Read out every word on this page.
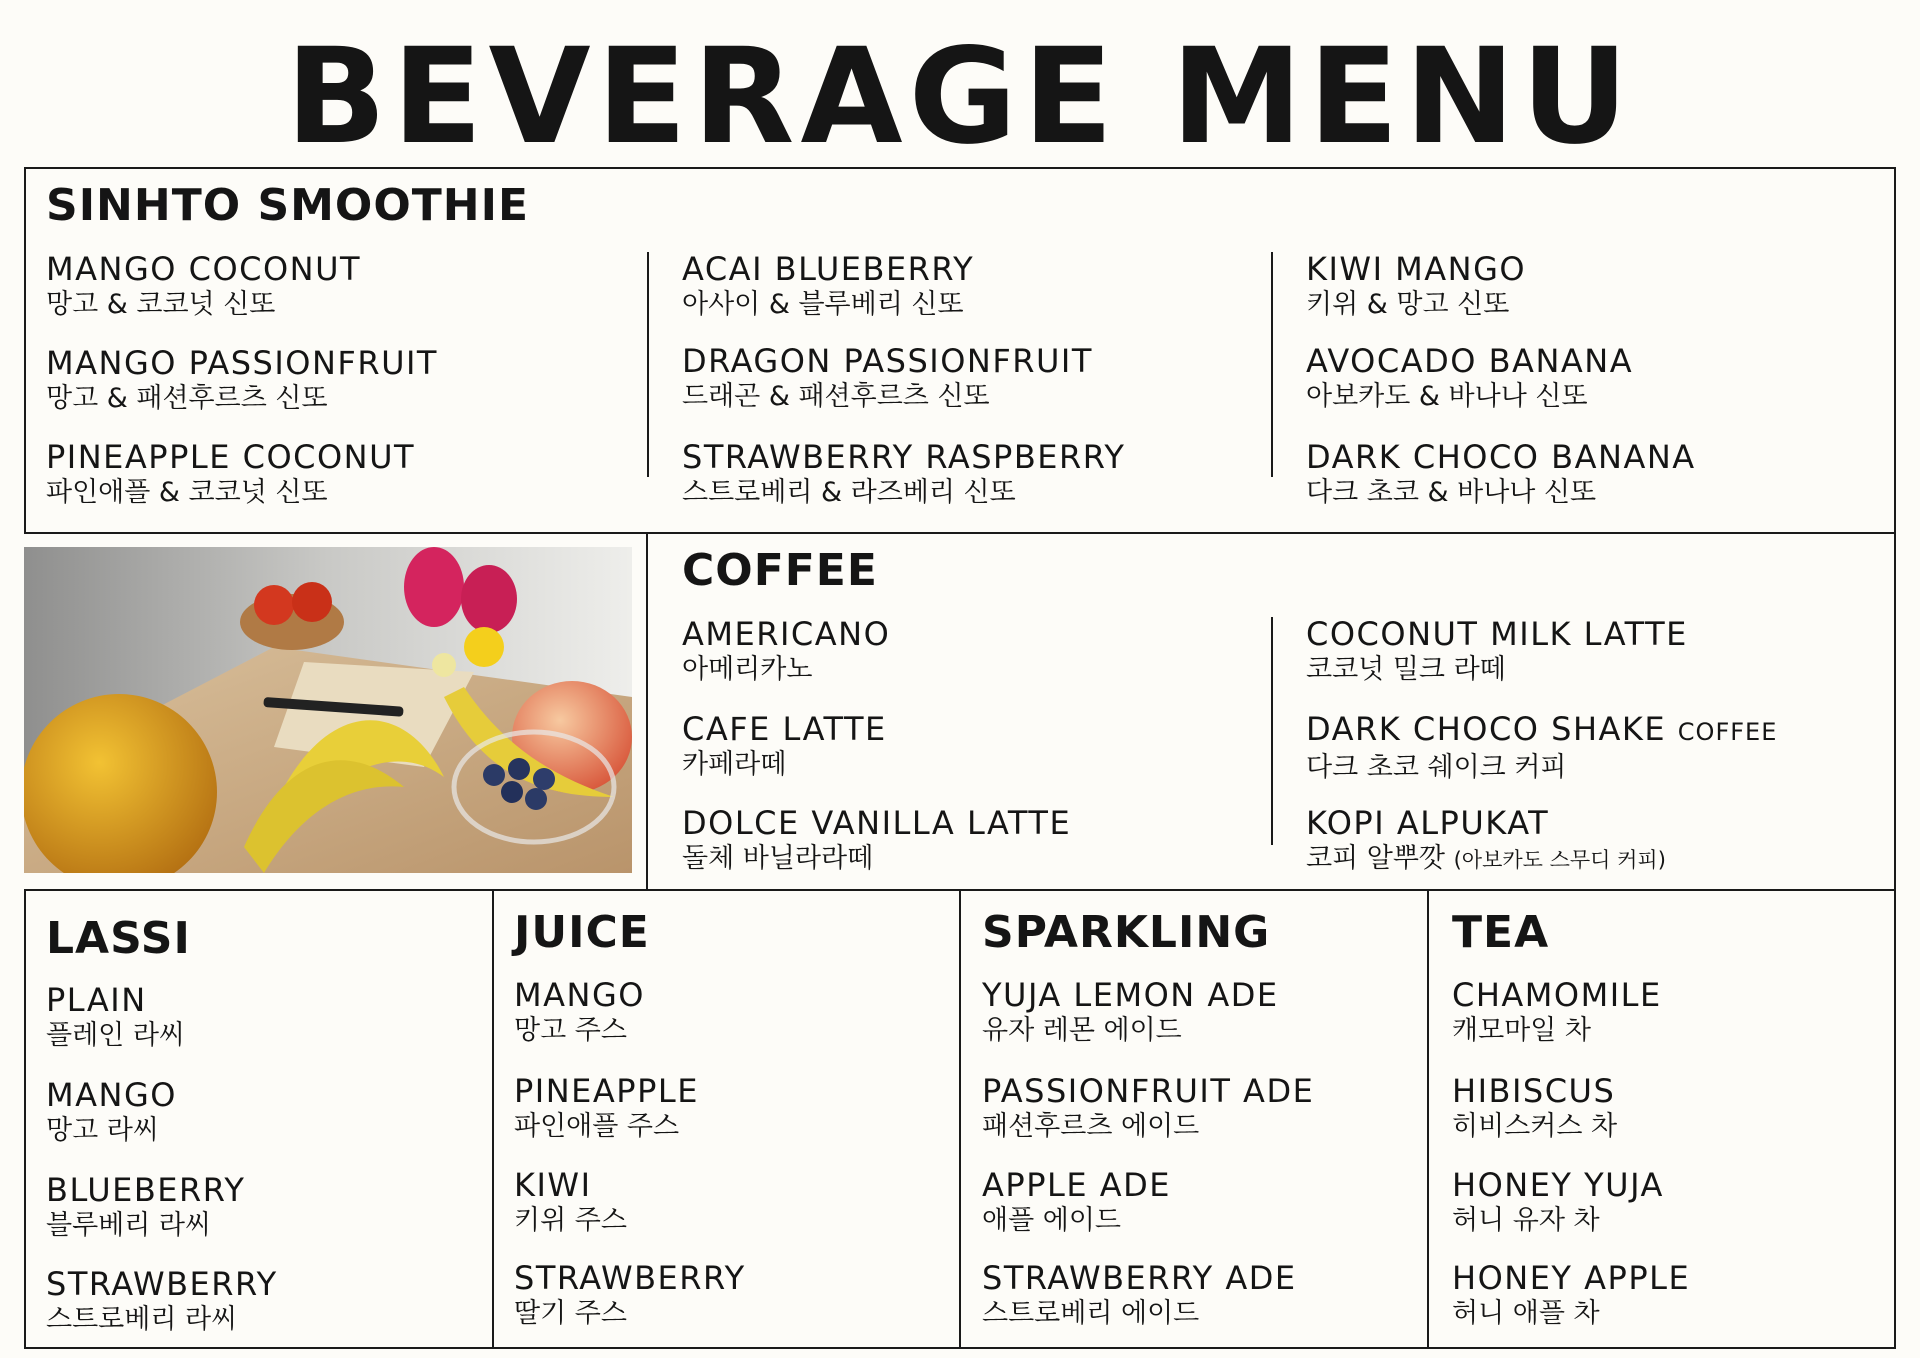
BEVERAGE MENU
SINHTO SMOOTHIE
MANGO COCONUT
망고 & 코코넛 신또
MANGO PASSIONFRUIT
망고 & 패션후르츠 신또
PINEAPPLE COCONUT
파인애플 & 코코넛 신또
ACAI BLUEBERRY
아사이 & 블루베리 신또
DRAGON PASSIONFRUIT
드래곤 & 패션후르츠 신또
STRAWBERRY RASPBERRY
스트로베리 & 라즈베리 신또
KIWI MANGO
키위 & 망고 신또
AVOCADO BANANA
아보카도 & 바나나 신또
DARK CHOCO BANANA
다크 초코 & 바나나 신또
COFFEE
AMERICANO
아메리카노
CAFE LATTE
카페라떼
DOLCE VANILLA LATTE
돌체 바닐라라떼
COCONUT MILK LATTE
코코넛 밀크 라떼
DARK CHOCO SHAKE COFFEE
다크 초코 쉐이크 커피
KOPI ALPUKAT
코피 알뿌깟 (아보카도 스무디 커피)
LASSI	JUICE	SPARKLING	TEA
PLAIN
플레인 라씨
MANGO
망고 라씨
BLUEBERRY
블루베리 라씨
STRAWBERRY
스트로베리 라씨
MANGO
망고 주스
PINEAPPLE
파인애플 주스
KIWI
키위 주스
STRAWBERRY
딸기 주스
YUJA LEMON ADE
유자 레몬 에이드
PASSIONFRUIT ADE
패션후르츠 에이드
APPLE ADE
애플 에이드
STRAWBERRY ADE
스트로베리 에이드
CHAMOMILE
캐모마일 차
HIBISCUS
히비스커스 차
HONEY YUJA
허니 유자 차
HONEY APPLE
허니 애플 차
